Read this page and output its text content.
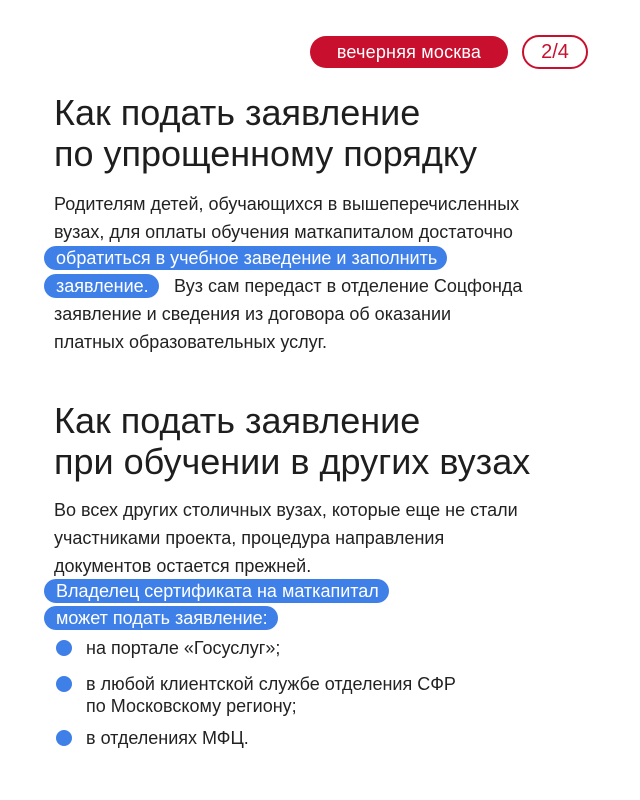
вечерняя москва	2/4
Как подать заявление
по упрощенному порядку
Родителям детей, обучающихся в вышеперечисленных
вузах, для оплаты обучения маткапиталом достаточно
обратиться в учебное заведение и заполнить
заявление.	Вуз сам передаст в отделение Соцфонда
заявление и сведения из договора об оказании
платных образовательных услуг.
Как подать заявление
при обучении в других вузах
Во всех других столичных вузах, которые еще не стали
участниками проекта, процедура направления
документов остается прежней.
Владелец сертификата на маткапитал
может подать заявление:
на портале «Госуслуг»;
в любой клиентской службе отделения СФР
по Московскому региону;
в отделениях МФЦ.
